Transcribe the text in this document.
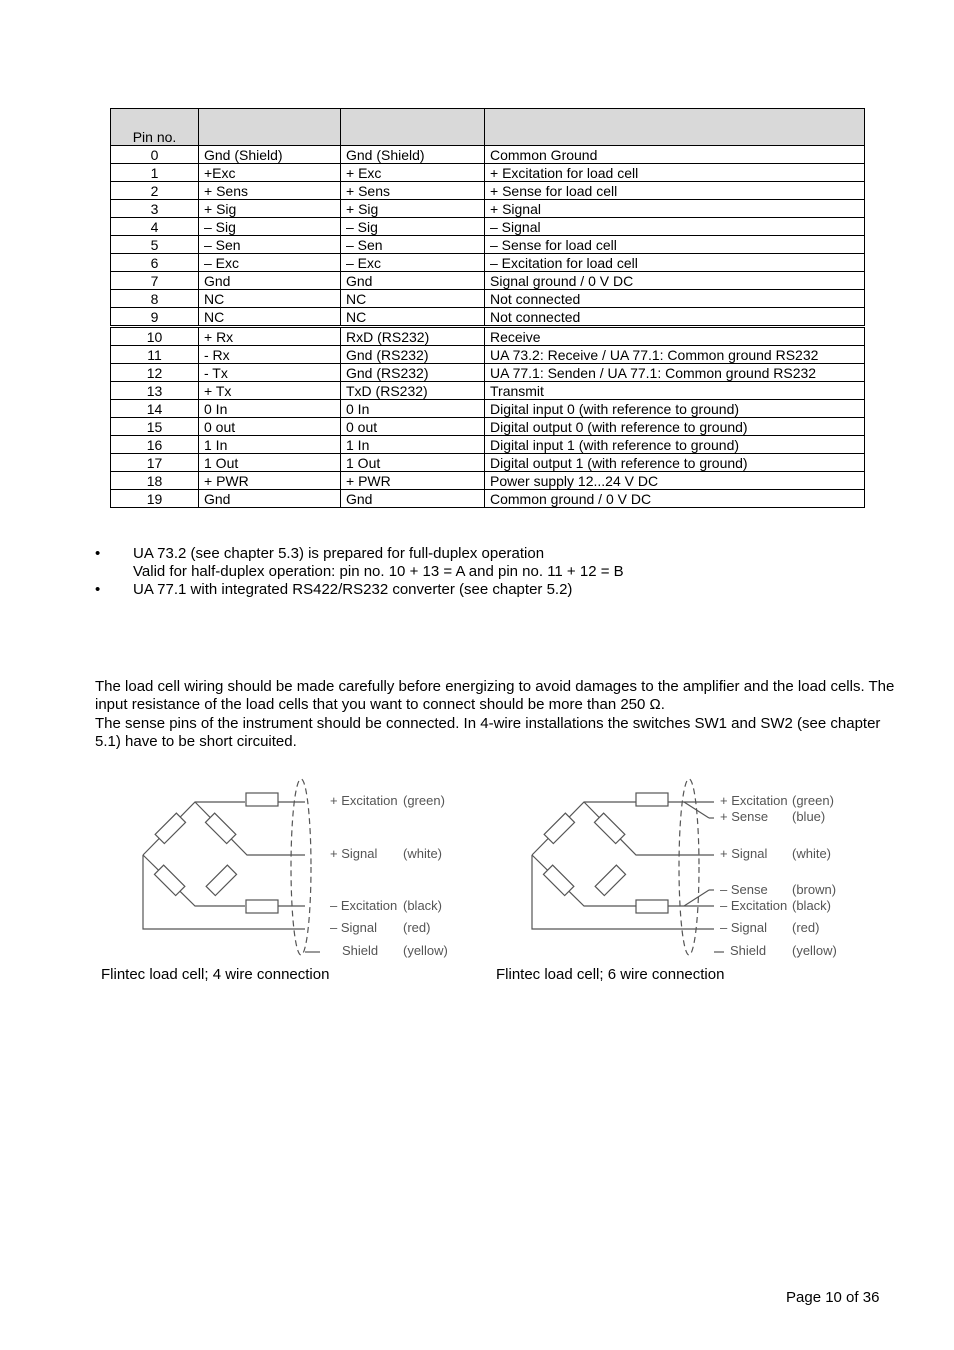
Pin no.			
0	Gnd (Shield)	Gnd (Shield)	Common Ground
1	+Exc	+ Exc	+ Excitation for load cell
2	+ Sens	+ Sens	+ Sense for load cell
3	+ Sig	+ Sig	+ Signal
4	– Sig	– Sig	– Signal
5	– Sen	– Sen	– Sense for load cell
6	– Exc	– Exc	– Excitation for load cell
7	Gnd	Gnd	Signal ground / 0 V DC
8	NC	NC	Not connected
9	NC	NC	Not connected
10	+ Rx	RxD (RS232)	Receive
11	- Rx	Gnd (RS232)	UA 73.2: Receive / UA 77.1: Common ground RS232
12	- Tx	Gnd (RS232)	UA 77.1: Senden / UA 77.1: Common ground RS232
13	+ Tx	TxD (RS232)	Transmit
14	0 In	0 In	Digital input 0 (with reference to ground)
15	0 out	0 out	Digital output 0 (with reference to ground)
16	1 In	1 In	Digital input 1 (with reference to ground)
17	1 Out	1 Out	Digital output 1 (with reference to ground)
18	+ PWR	+ PWR	Power supply 12...24 V DC
19	Gnd	Gnd	Common ground / 0 V DC
• UA 73.2 (see chapter 5.3) is prepared for full-duplex operation
Valid for half-duplex operation: pin no. 10 + 13 = A and pin no. 11 + 12 = B
• UA 77.1 with integrated RS422/RS232 converter (see chapter 5.2)
The load cell wiring should be made carefully before energizing to avoid damages to the amplifier and the load cells. The input resistance of the load cells that you want to connect should be more than 250 Ω.
The sense pins of the instrument should be connected. In 4-wire installations the switches SW1 and SW2 (see chapter 5.1) have to be short circuited.
+ Excitation (green)
+ Signal (white)
– Excitation (black)
– Signal (red)
Shield (yellow)
Flintec load cell; 4 wire connection
+ Excitation (green)
+ Sense (blue)
+ Signal (white)
– Sense (brown)
– Excitation (black)
– Signal (red)
Shield (yellow)
Flintec load cell; 6 wire connection
Page 10 of 36
